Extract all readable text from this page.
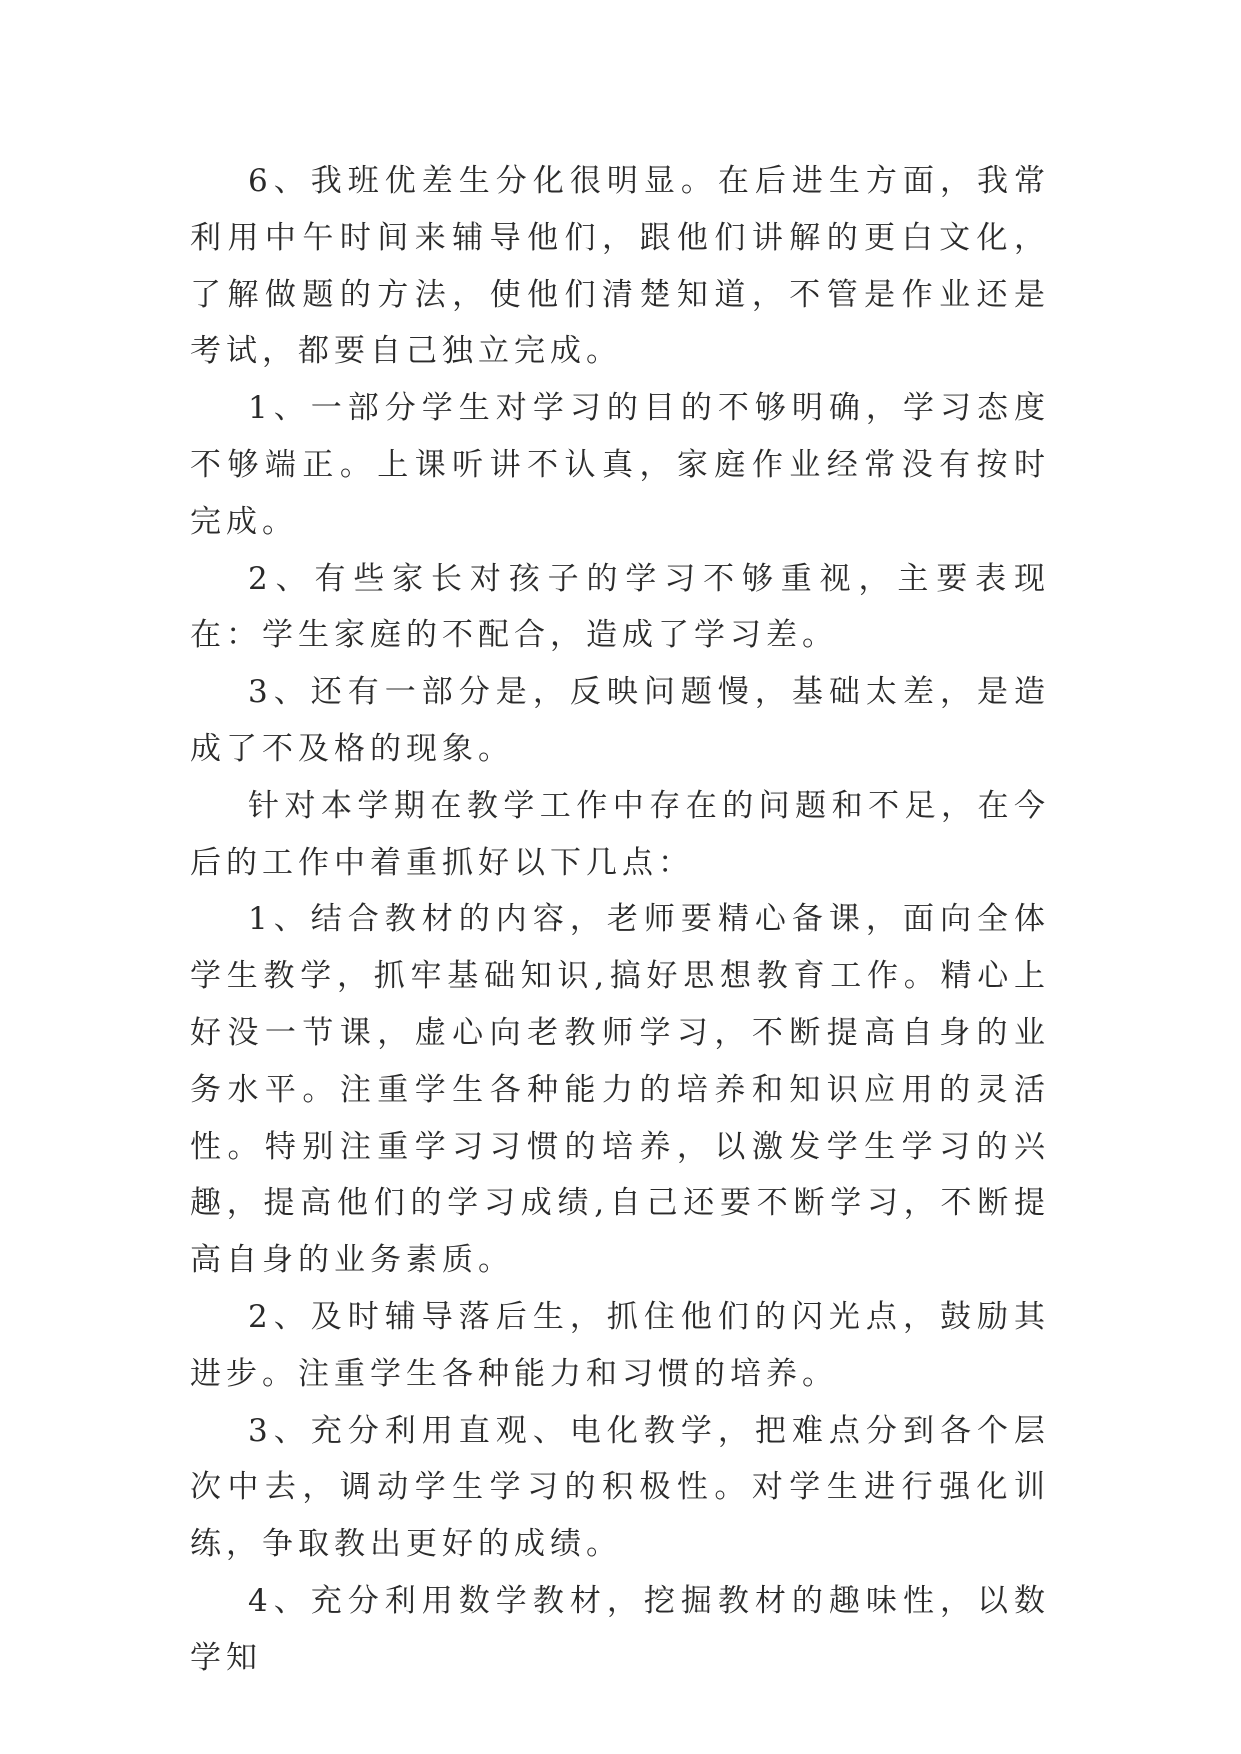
6、我班优差生分化很明显。在后进生方面，我常利用中午时间来辅导他们，跟他们讲解的更白文化，了解做题的方法，使他们清楚知道，不管是作业还是考试，都要自己独立完成。

1、一部分学生对学习的目的不够明确，学习态度不够端正。上课听讲不认真，家庭作业经常没有按时完成。

2、有些家长对孩子的学习不够重视，主要表现在：学生家庭的不配合，造成了学习差。

3、还有一部分是，反映问题慢，基础太差，是造成了不及格的现象。

针对本学期在教学工作中存在的问题和不足，在今后的工作中着重抓好以下几点：

1、结合教材的内容，老师要精心备课，面向全体学生教学，抓牢基础知识,搞好思想教育工作。精心上好没一节课，虚心向老教师学习，不断提高自身的业务水平。注重学生各种能力的培养和知识应用的灵活性。特别注重学习习惯的培养，以激发学生学习的兴趣，提高他们的学习成绩,自己还要不断学习，不断提高自身的业务素质。

2、及时辅导落后生，抓住他们的闪光点，鼓励其进步。注重学生各种能力和习惯的培养。

3、充分利用直观、电化教学，把难点分到各个层次中去，调动学生学习的积极性。对学生进行强化训练，争取教出更好的成绩。

4、充分利用数学教材，挖掘教材的趣味性，以数学知
